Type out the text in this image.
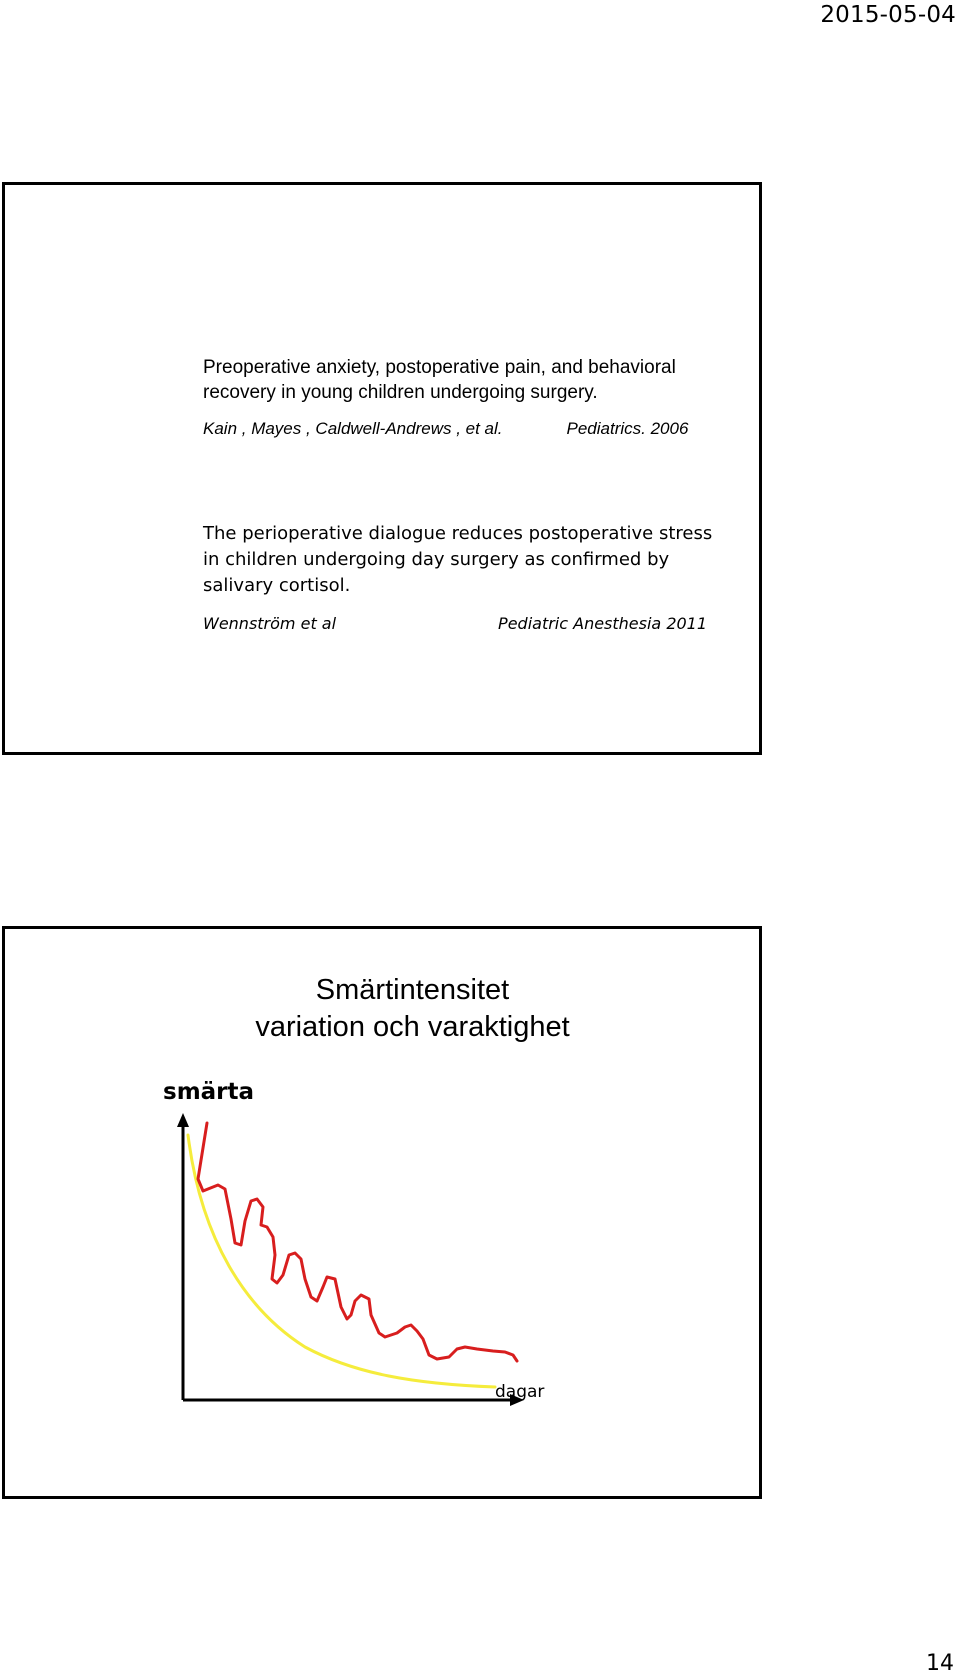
2015-05-04

Preoperative anxiety, postoperative pain, and behavioral

recovery in young children undergoing surgery.

Kain , Mayes , Caldwell-Andrews , et al.	Pediatrics. 2006

The perioperative dialogue reduces postoperative stress

in children undergoing day surgery as confirmed by

salivary cortisol.

Wennström et al	Pediatric Anesthesia 2011
Smärtintensitet
variation och varaktighet
smärta
dagar
14
